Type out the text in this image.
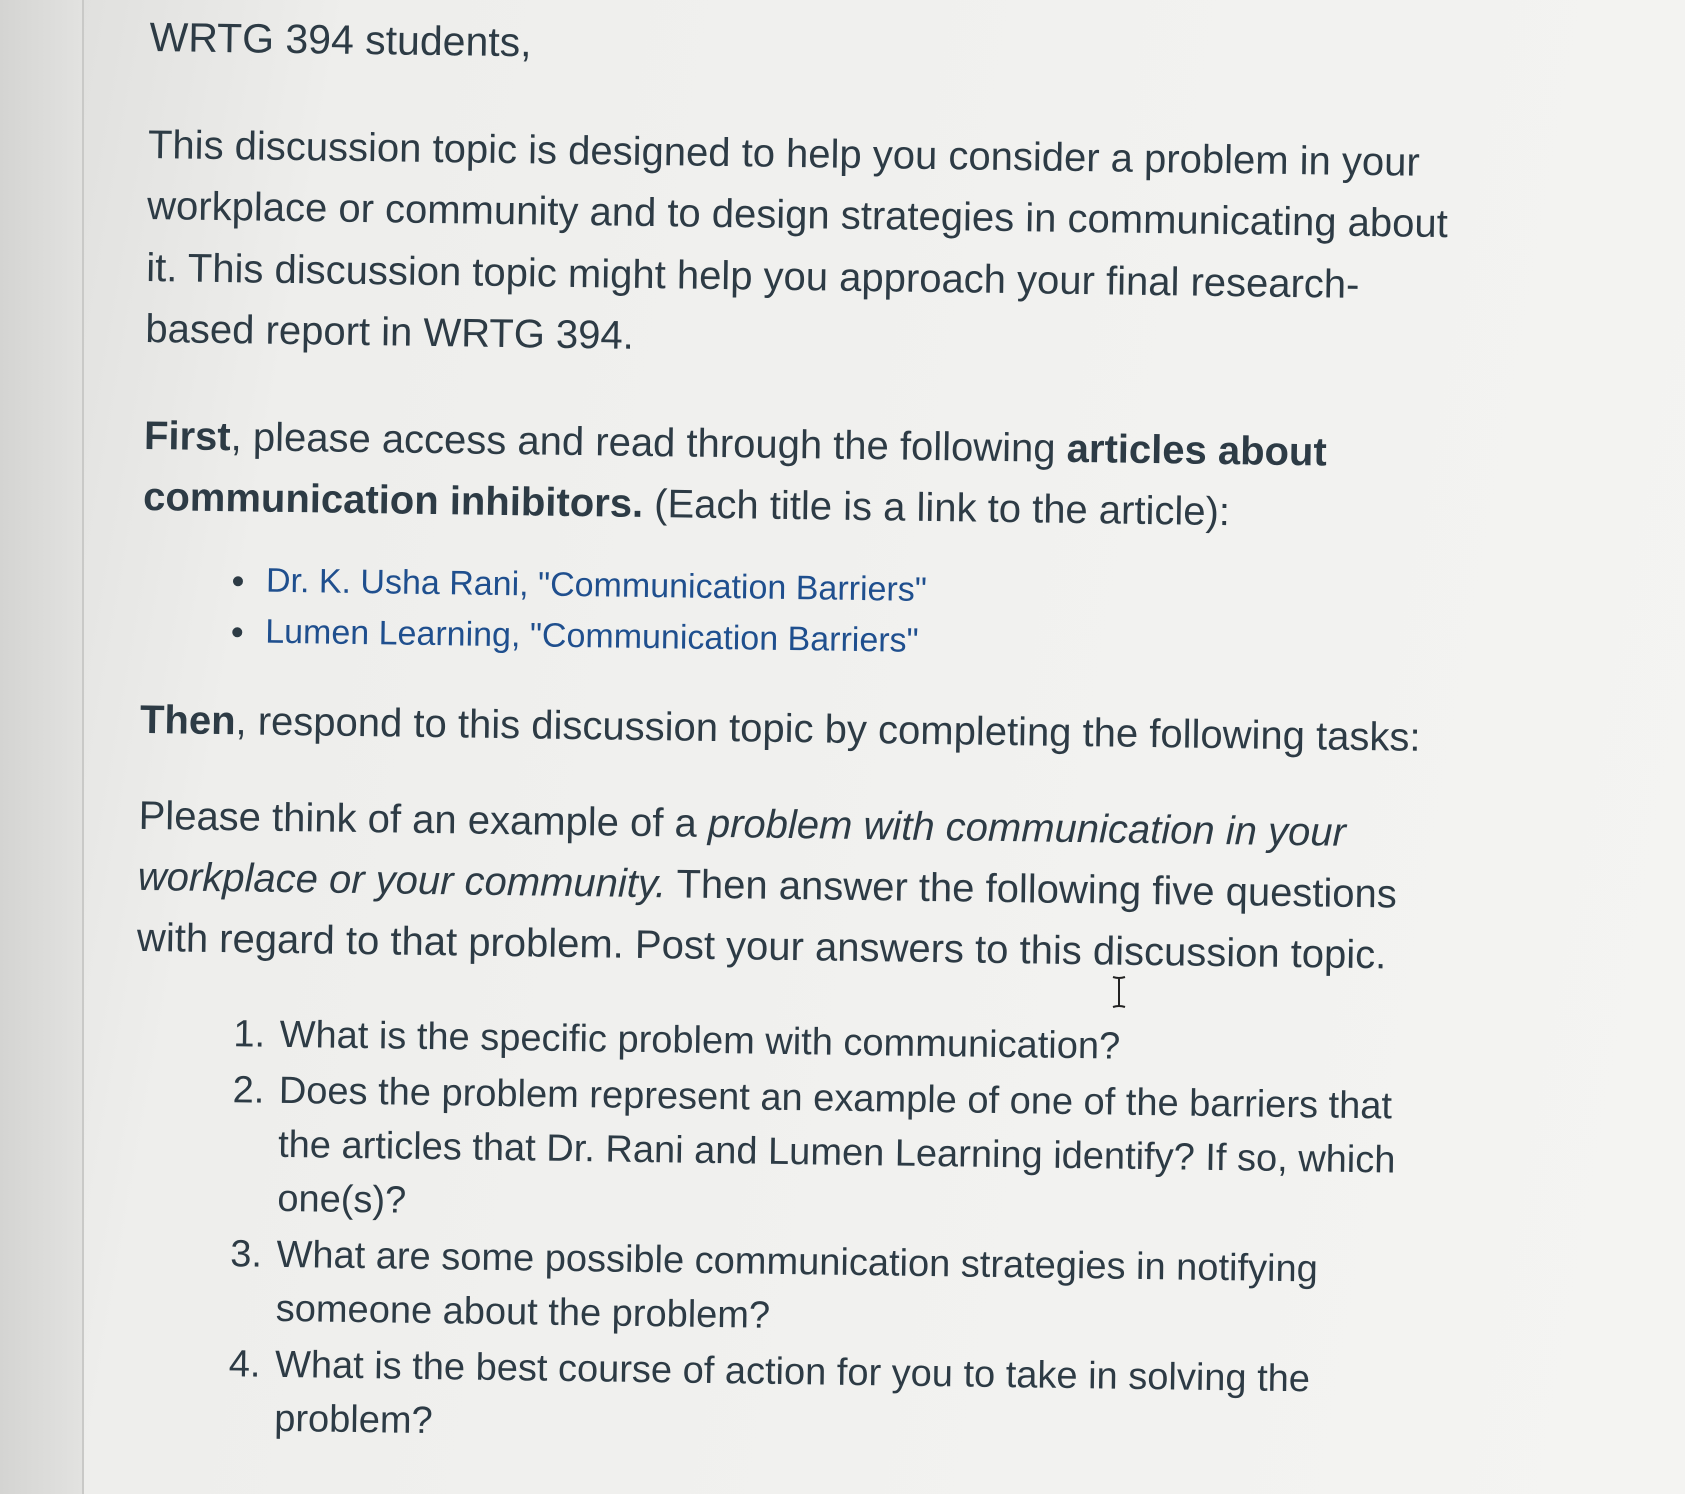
WRTG 394 students,

This discussion topic is designed to help you consider a problem in your workplace or community and to design strategies in communicating about it. This discussion topic might help you approach your final research-based report in WRTG 394.

First, please access and read through the following articles about communication inhibitors. (Each title is a link to the article):

• Dr. K. Usha Rani, "Communication Barriers"
• Lumen Learning, "Communication Barriers"

Then, respond to this discussion topic by completing the following tasks:

Please think of an example of a problem with communication in your workplace or your community. Then answer the following five questions with regard to that problem. Post your answers to this discussion topic.

1. What is the specific problem with communication?
2. Does the problem represent an example of one of the barriers that the articles that Dr. Rani and Lumen Learning identify? If so, which one(s)?
3. What are some possible communication strategies in notifying someone about the problem?
4. What is the best course of action for you to take in solving the problem?
